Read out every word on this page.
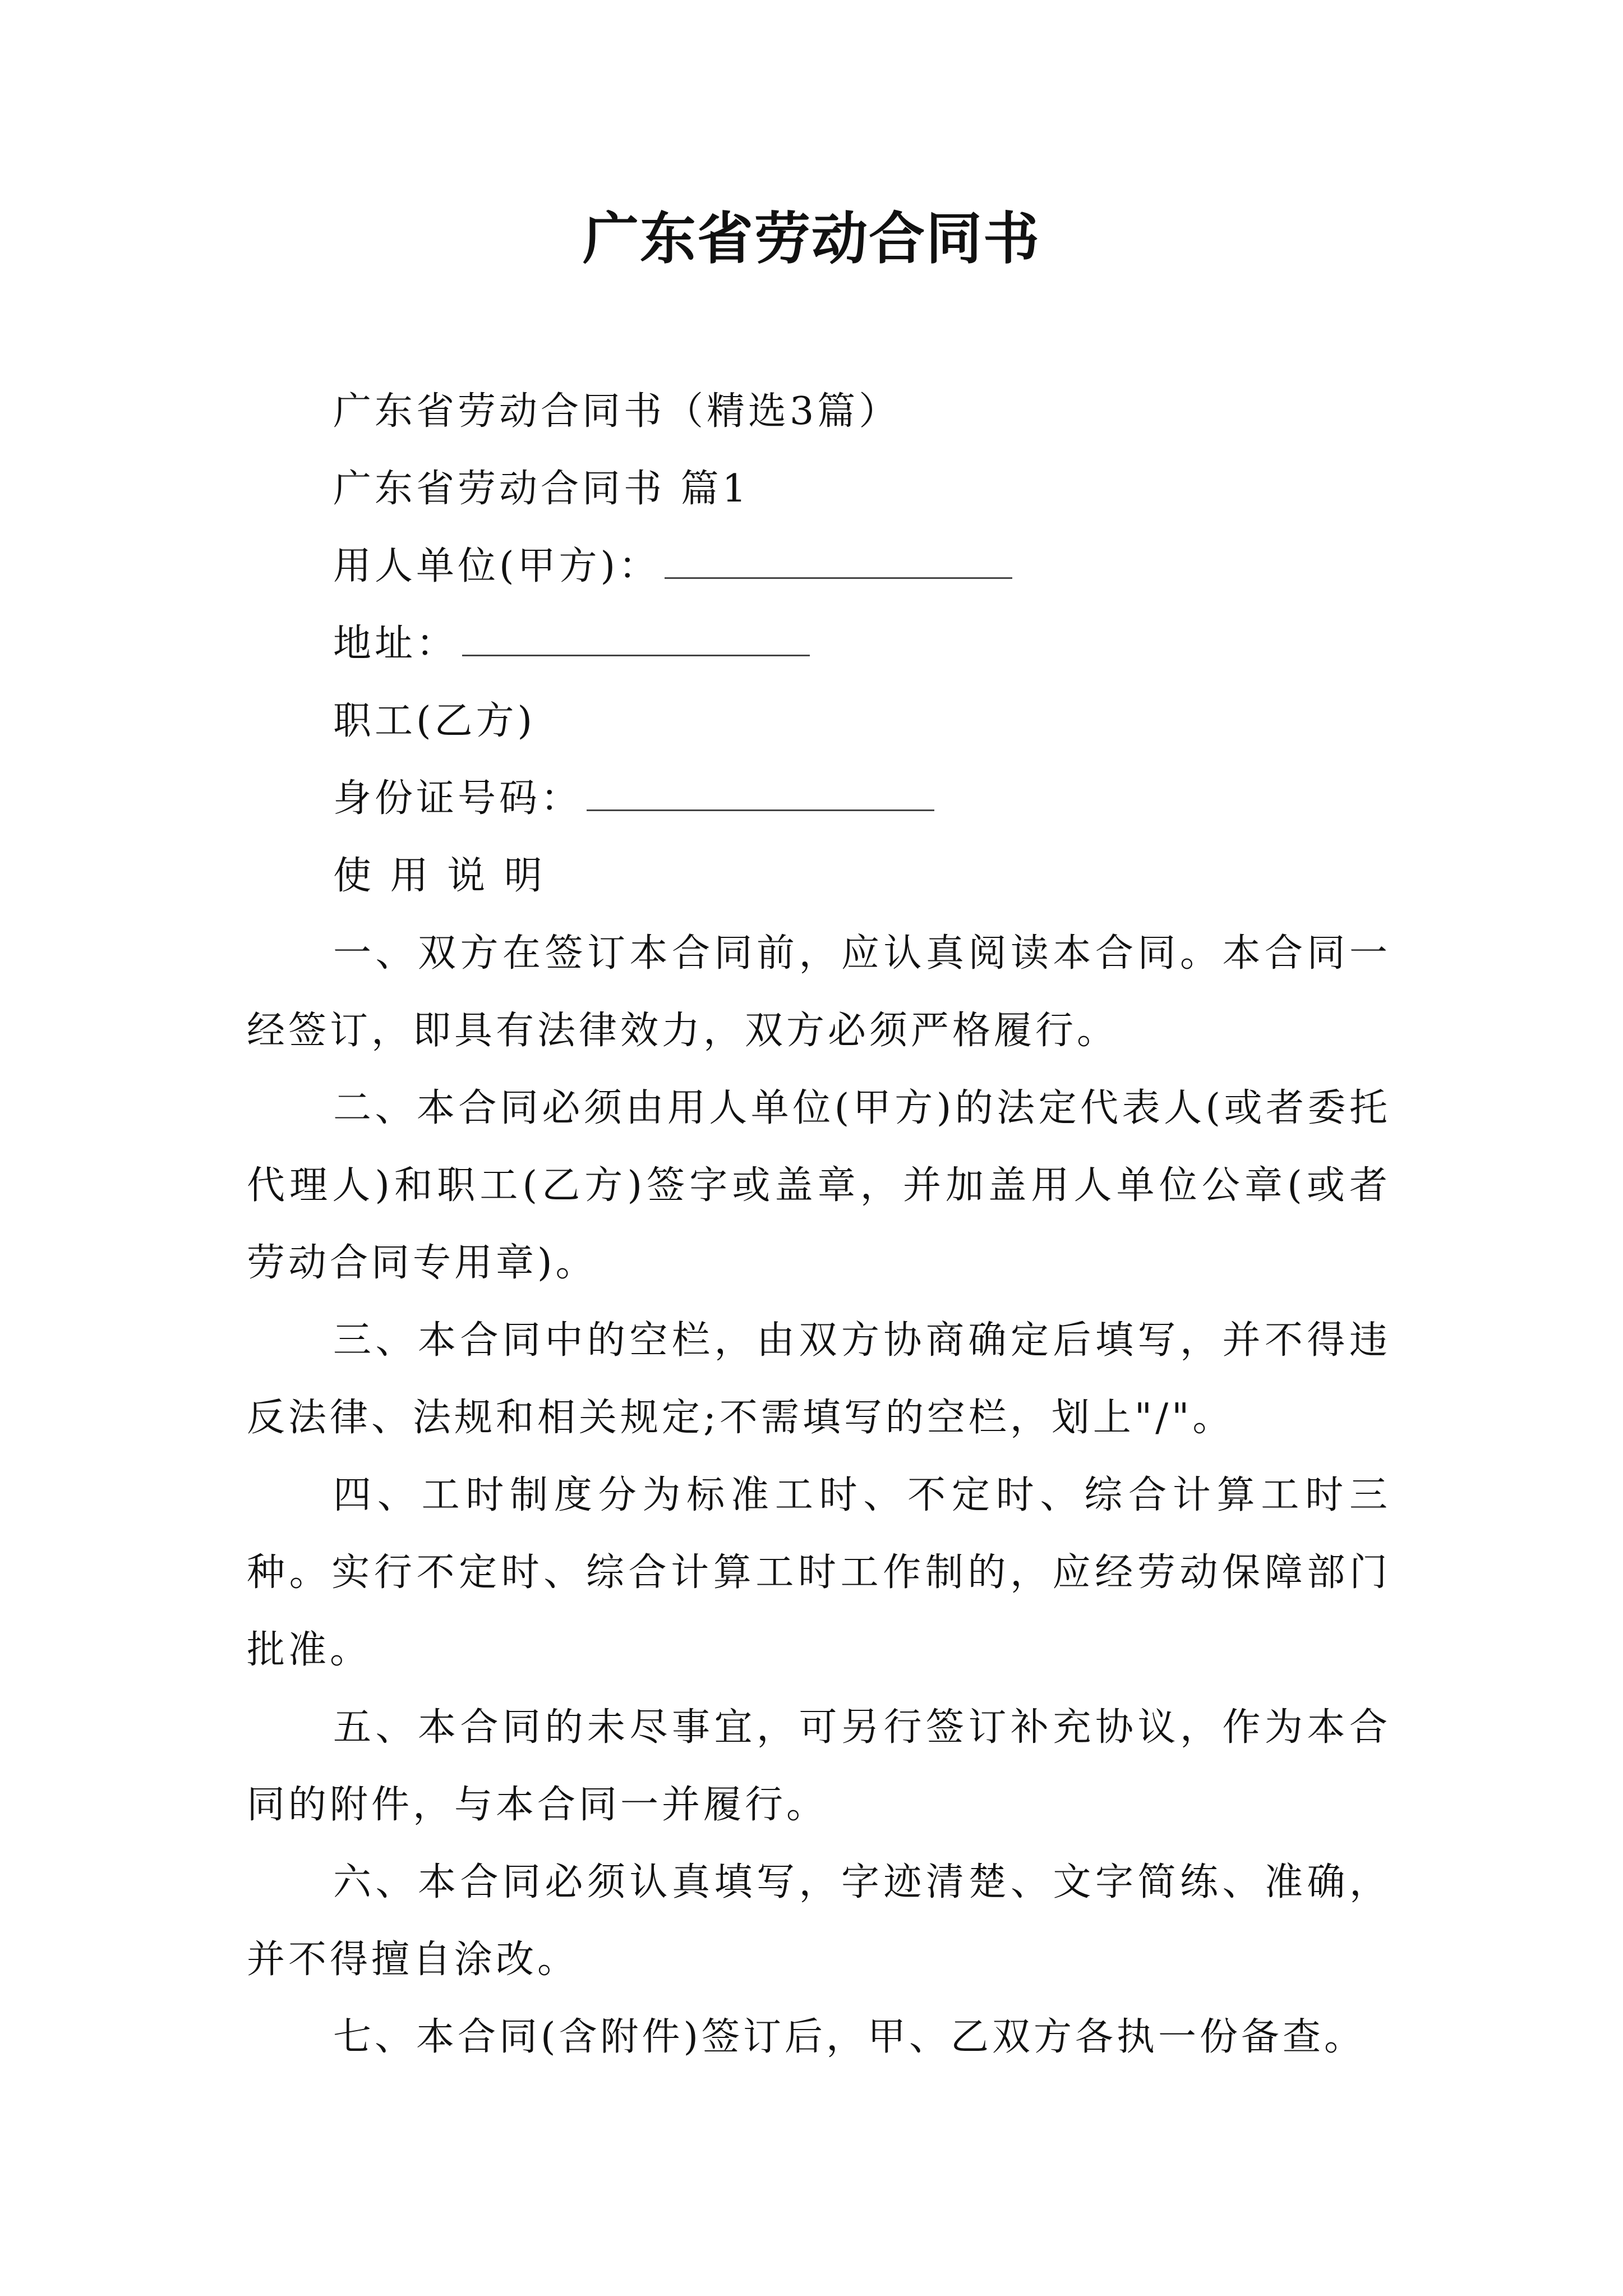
广东省劳动合同书
广东省劳动合同书（精选3篇）
广东省劳动合同书 篇1
用人单位(甲方)：
地址：
职工(乙方)
身份证号码：
使 用 说 明

一、双方在签订本合同前，应认真阅读本合同。本合同一经签订，即具有法律效力，双方必须严格履行。

二、本合同必须由用人单位(甲方)的法定代表人(或者委托代理人)和职工(乙方)签字或盖章，并加盖用人单位公章(或者劳动合同专用章)。

三、本合同中的空栏，由双方协商确定后填写，并不得违反法律、法规和相关规定;不需填写的空栏，划上"/"。

四、工时制度分为标准工时、不定时、综合计算工时三种。实行不定时、综合计算工时工作制的，应经劳动保障部门批准。

五、本合同的未尽事宜，可另行签订补充协议，作为本合同的附件，与本合同一并履行。

六、本合同必须认真填写，字迹清楚、文字简练、准确，并不得擅自涂改。

七、本合同(含附件)签订后，甲、乙双方各执一份备查。
